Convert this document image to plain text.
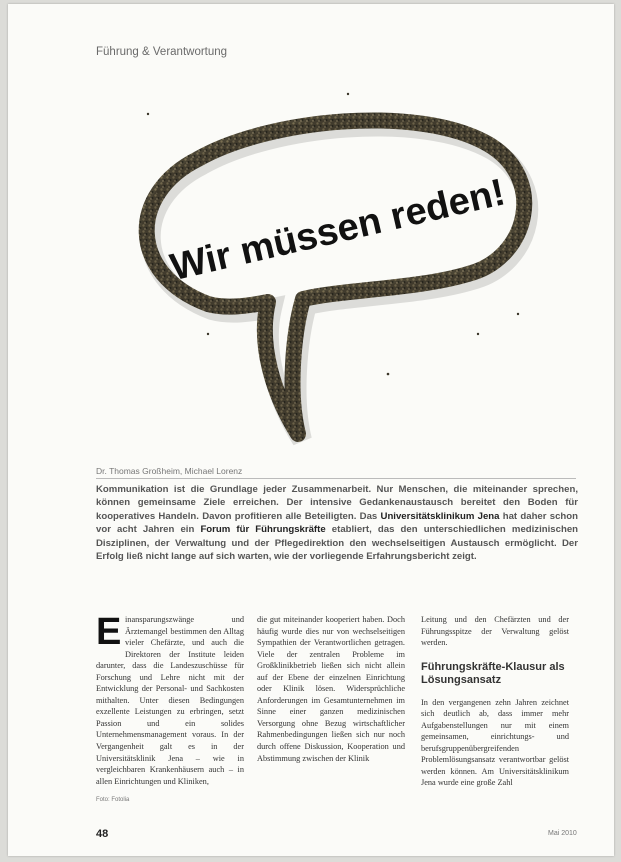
Führung & Verantwortung
Wir müssen reden!
Dr. Thomas Großheim, Michael Lorenz
Kommunikation ist die Grundlage jeder Zusammenarbeit. Nur Menschen, die miteinander sprechen, können gemeinsame Ziele erreichen. Der intensive Gedankenaustausch bereitet den Boden für kooperatives Handeln. Davon profitieren alle Beteiligten. Das Universitätsklinikum Jena hat daher schon vor acht Jahren ein Forum für Führungskräfte etabliert, das den unterschiedlichen medizinischen Disziplinen, der Verwaltung und der Pflegedirektion den wechselseitigen Austausch ermöglicht. Der Erfolg ließ nicht lange auf sich warten, wie der vorliegende Erfahrungsbericht zeigt.
Einansparungszwänge und Ärztemangel bestimmen den Alltag vieler Chefärzte, und auch die Direktoren der Institute leiden darunter, dass die Landeszuschüsse für Forschung und Lehre nicht mit der Entwicklung der Personal- und Sachkosten mithalten. Unter diesen Bedingungen exzellente Leistungen zu erbringen, setzt Passion und ein solides Unternehmensmanagement voraus. In der Vergangenheit galt es in der Universitätsklinik Jena – wie in vergleichbaren Krankenhäusern auch – in allen Einrichtungen und Kliniken,
Foto: Fotolia
die gut miteinander kooperiert haben. Doch häufig wurde dies nur von wechselseitigen Sympathien der Verantwortlichen getragen. Viele der zentralen Probleme im Großklinikbetrieb ließen sich nicht allein auf der Ebene der einzelnen Einrichtung oder Klinik lösen. Widersprüchliche Anforderungen im Gesamtunternehmen im Sinne einer ganzen medizinischen Versorgung ohne Bezug wirtschaftlicher Rahmenbedingungen ließen sich nur noch durch offene Diskussion, Kooperation und Abstimmung zwischen der Klinik
Leitung und den Chefärzten und der Führungsspitze der Verwaltung gelöst werden.
Führungskräfte-Klausur als Lösungsansatz
In den vergangenen zehn Jahren zeichnet sich deutlich ab, dass immer mehr Aufgabenstellungen nur mit einem gemeinsamen, einrichtungs- und berufsgruppenübergreifenden Problemlösungsansatz verantwortbar gelöst werden können. Am Universitätsklinikum Jena wurde eine große Zahl
48	Mai 2010
